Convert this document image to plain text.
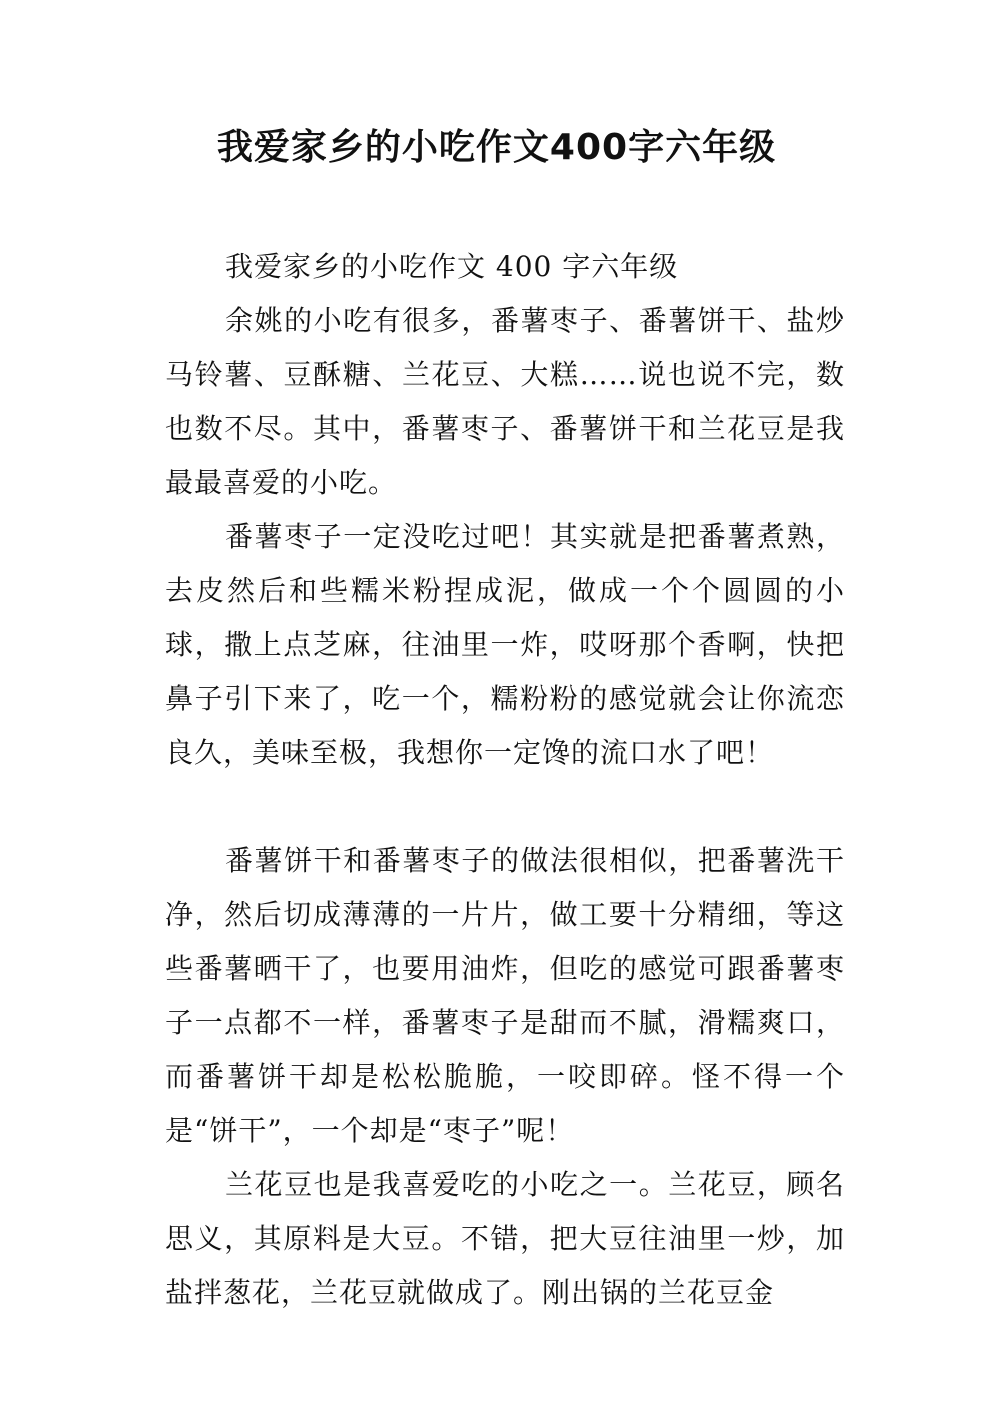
我爱家乡的小吃作文400字六年级

我爱家乡的小吃作文 400 字六年级

余姚的小吃有很多，番薯枣子、番薯饼干、盐炒马铃薯、豆酥糖、兰花豆、大糕……说也说不完，数也数不尽。其中，番薯枣子、番薯饼干和兰花豆是我最最喜爱的小吃。

番薯枣子一定没吃过吧！其实就是把番薯煮熟，去皮然后和些糯米粉捏成泥，做成一个个圆圆的小球，撒上点芝麻，往油里一炸，哎呀那个香啊，快把鼻子引下来了，吃一个，糯粉粉的感觉就会让你流恋良久，美味至极，我想你一定馋的流口水了吧！

番薯饼干和番薯枣子的做法很相似，把番薯洗干净，然后切成薄薄的一片片，做工要十分精细，等这些番薯晒干了，也要用油炸，但吃的感觉可跟番薯枣子一点都不一样，番薯枣子是甜而不腻，滑糯爽口，而番薯饼干却是松松脆脆，一咬即碎。怪不得一个是“饼干”，一个却是“枣子”呢！

兰花豆也是我喜爱吃的小吃之一。兰花豆，顾名思义，其原料是大豆。不错，把大豆往油里一炒，加盐拌葱花，兰花豆就做成了。刚出锅的兰花豆金
